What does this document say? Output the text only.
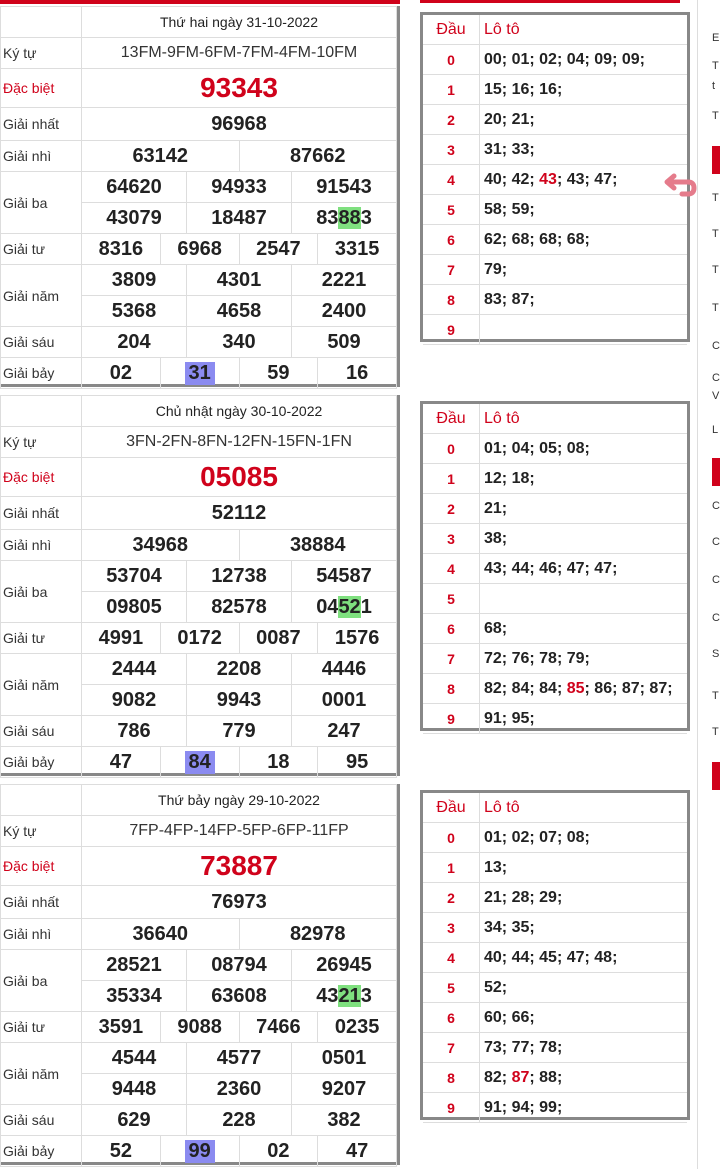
	Thứ hai ngày 31-10-2022					
Ký tự	13FM-9FM-6FM-7FM-4FM-10FM					
Đặc biệt	93343					
Giải nhất	96968					
Giải nhì	63142			87662		
Giải ba	64620		94933		91543	
	43079		18487		83883	
Giải tư	8316	6968		2547		3315
Giải năm	3809		4301		2221	
	5368		4658		2400	
Giải sáu	204		340		509	
Giải bảy	02	31		59		16
Đầu	Lô tô
0	00; 01; 02; 04; 09; 09;
1	15; 16; 16;
2	20; 21;
3	31; 33;
4	40; 42; 43; 43; 47;
5	58; 59;
6	62; 68; 68; 68;
7	79;
8	83; 87;
9	
	Chủ nhật ngày 30-10-2022					
Ký tự	3FN-2FN-8FN-12FN-15FN-1FN					
Đặc biệt	05085					
Giải nhất	52112					
Giải nhì	34968			38884		
Giải ba	53704		12738		54587	
	09805		82578		04521	
Giải tư	4991	0172		0087		1576
Giải năm	2444		2208		4446	
	9082		9943		0001	
Giải sáu	786		779		247	
Giải bảy	47	84		18		95
Đầu	Lô tô
0	01; 04; 05; 08;
1	12; 18;
2	21;
3	38;
4	43; 44; 46; 47; 47;
5	
6	68;
7	72; 76; 78; 79;
8	82; 84; 84; 85; 86; 87; 87;
9	91; 95;
	Thứ bảy ngày 29-10-2022					
Ký tự	7FP-4FP-14FP-5FP-6FP-11FP					
Đặc biệt	73887					
Giải nhất	76973					
Giải nhì	36640			82978		
Giải ba	28521		08794		26945	
	35334		63608		43213	
Giải tư	3591	9088		7466		0235
Giải năm	4544		4577		0501	
	9448		2360		9207	
Giải sáu	629		228		382	
Giải bảy	52	99		02		47
Đầu	Lô tô
0	01; 02; 07; 08;
1	13;
2	21; 28; 29;
3	34; 35;
4	40; 44; 45; 47; 48;
5	52;
6	60; 66;
7	73; 77; 78;
8	82; 87; 88;
9	91; 94; 99;
E
T
t
T
T
T
T
T
C
C
V
L
C
C
C
C
S
T
T
